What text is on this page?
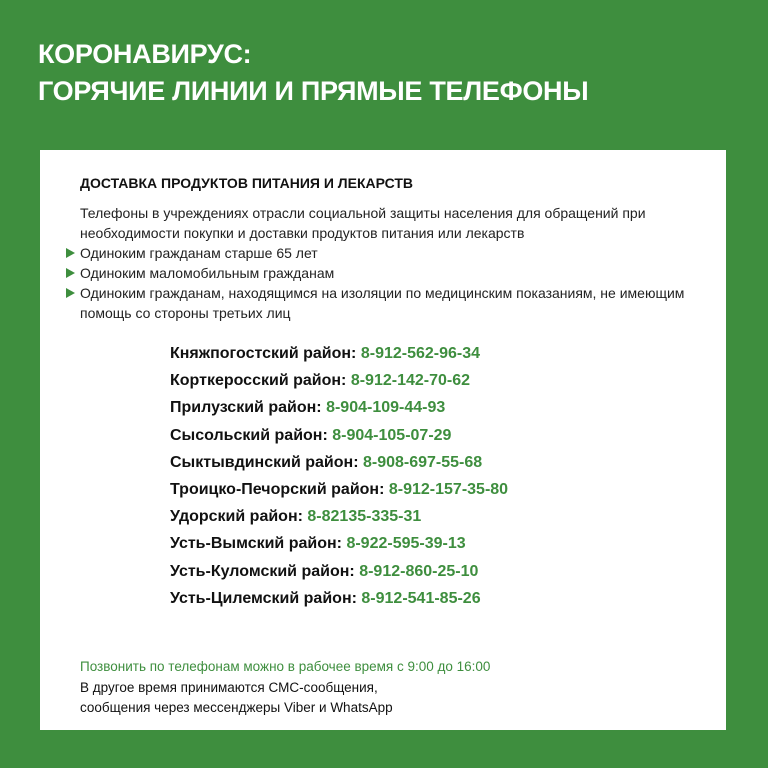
КОРОНАВИРУС:
ГОРЯЧИЕ ЛИНИИ И ПРЯМЫЕ ТЕЛЕФОНЫ
ДОСТАВКА ПРОДУКТОВ ПИТАНИЯ И ЛЕКАРСТВ
Телефоны в учреждениях отрасли социальной защиты населения для обращений при необходимости покупки и доставки продуктов питания или лекарств
Одиноким гражданам старше 65 лет
Одиноким маломобильным гражданам
Одиноким гражданам, находящимся на изоляции по медицинским показаниям, не имеющим помощь со стороны третьих лиц
Княжпогостский район: 8-912-562-96-34
Корткеросский район: 8-912-142-70-62
Прилузский район: 8-904-109-44-93
Сысольский район: 8-904-105-07-29
Сыктывдинский район: 8-908-697-55-68
Троицко-Печорский район: 8-912-157-35-80
Удорский район: 8-82135-335-31
Усть-Вымский район: 8-922-595-39-13
Усть-Куломский район: 8-912-860-25-10
Усть-Цилемский район: 8-912-541-85-26
Позвонить по телефонам можно в рабочее время с 9:00 до 16:00
В другое время принимаются СМС-сообщения,
сообщения через мессенджеры Viber и WhatsApp
